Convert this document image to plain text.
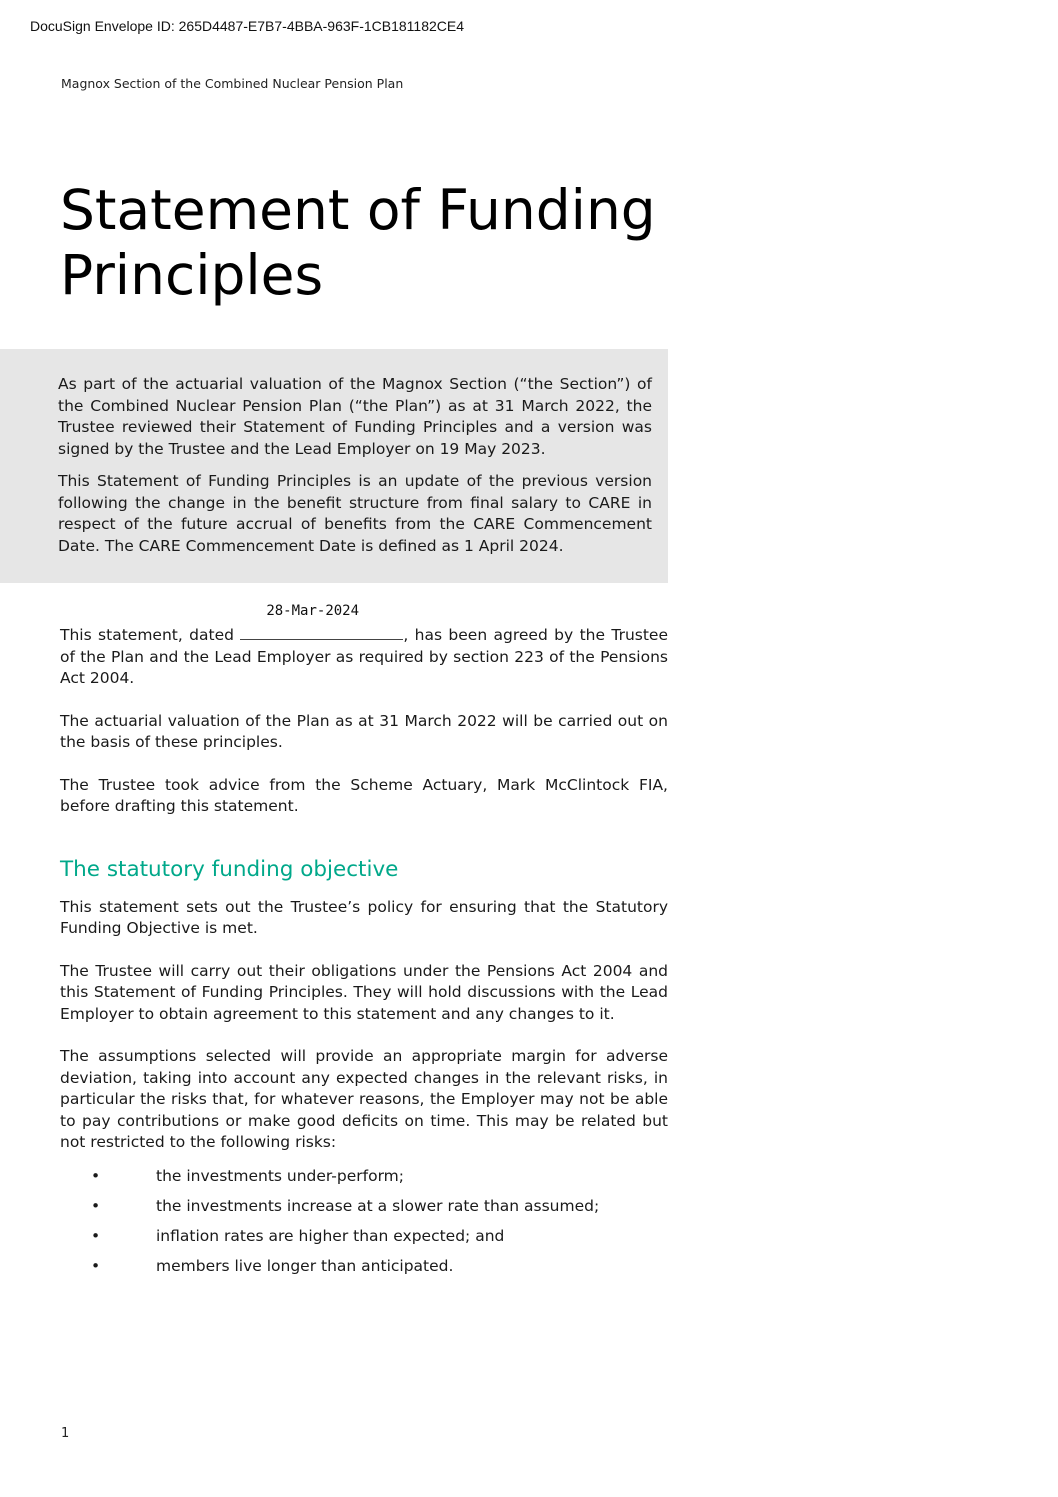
DocuSign Envelope ID: 265D4487-E7B7-4BBA-963F-1CB181182CE4
Magnox Section of the Combined Nuclear Pension Plan
Statement of Funding
Principles

As part of the actuarial valuation of the Magnox Section (“the Section”) of the Combined Nuclear Pension Plan (“the Plan”) as at 31 March 2022, the Trustee reviewed their Statement of Funding Principles and a version was signed by the Trustee and the Lead Employer on 19 May 2023.

This Statement of Funding Principles is an update of the previous version following the change in the benefit structure from final salary to CARE in respect of the future accrual of benefits from the CARE Commencement Date. The CARE Commencement Date is defined as 1 April 2024.

This statement, dated
28-Mar-2024
, has been agreed by the Trustee of the Plan and the Lead Employer as required by section 223 of the Pensions Act 2004.

The actuarial valuation of the Plan as at 31 March 2022 will be carried out on the basis of these principles.

The Trustee took advice from the Scheme Actuary, Mark McClintock FIA, before drafting this statement.

The statutory funding objective

This statement sets out the Trustee’s policy for ensuring that the Statutory Funding Objective is met.

The Trustee will carry out their obligations under the Pensions Act 2004 and this Statement of Funding Principles. They will hold discussions with the Lead Employer to obtain agreement to this statement and any changes to it.

The assumptions selected will provide an appropriate margin for adverse deviation, taking into account any expected changes in the relevant risks, in particular the risks that, for whatever reasons, the Employer may not be able to pay contributions or make good deficits on time. This may be related but not restricted to the following risks:

•	the investments under-perform;
•	the investments increase at a slower rate than assumed;
•	inflation rates are higher than expected; and
•	members live longer than anticipated.
1
